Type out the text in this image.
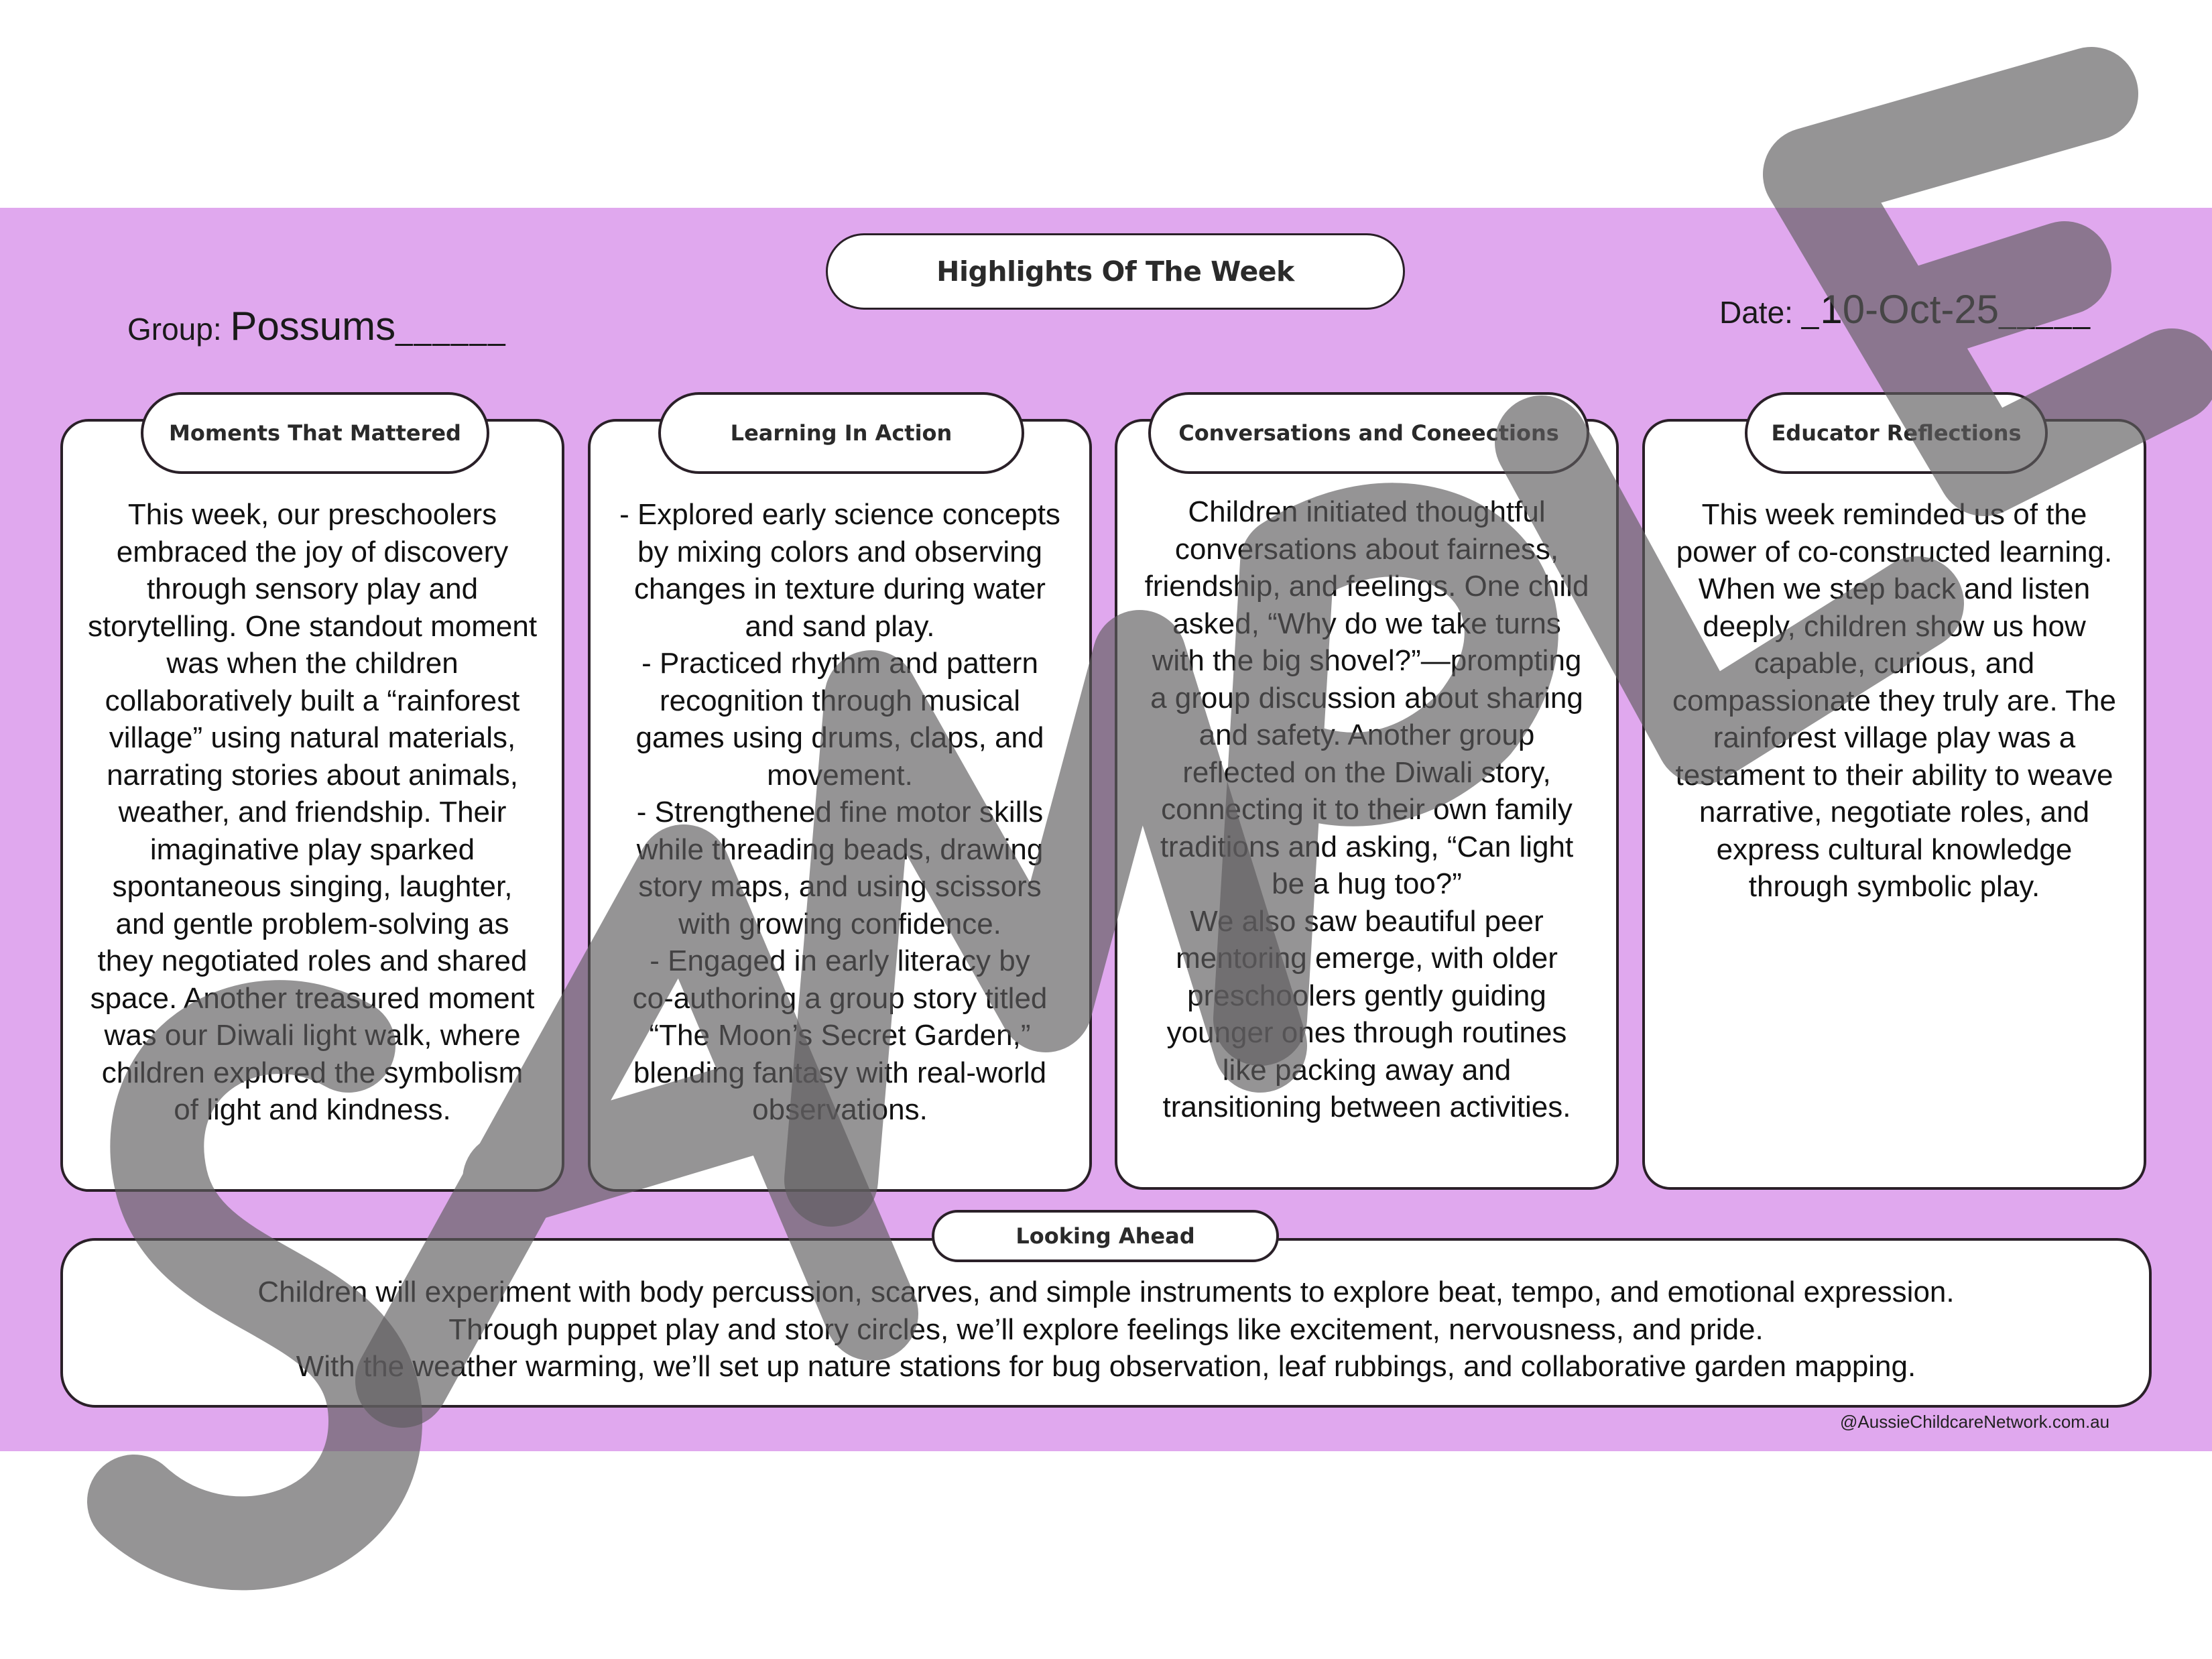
Highlights Of The Week
Group: Possums______	Date: _10-Oct-25_____
Moments That Mattered
This week, our preschoolers
embraced the joy of discovery
through sensory play and
storytelling. One standout moment
was when the children
collaboratively built a “rainforest
village” using natural materials,
narrating stories about animals,
weather, and friendship. Their
imaginative play sparked
spontaneous singing, laughter,
and gentle problem-solving as
they negotiated roles and shared
space. Another treasured moment
was our Diwali light walk, where
children explored the symbolism
of light and kindness.
Learning In Action
- Explored early science concepts
by mixing colors and observing
changes in texture during water
and sand play.
- Practiced rhythm and pattern
recognition through musical
games using drums, claps, and
movement.
- Strengthened fine motor skills
while threading beads, drawing
story maps, and using scissors
with growing confidence.
- Engaged in early literacy by
co-authoring a group story titled
“The Moon’s Secret Garden,”
blending fantasy with real-world
observations.
Conversations and Coneections
Children initiated thoughtful
conversations about fairness,
friendship, and feelings. One child
asked, “Why do we take turns
with the big shovel?”—prompting
a group discussion about sharing
and safety. Another group
reflected on the Diwali story,
connecting it to their own family
traditions and asking, “Can light
be a hug too?”
We also saw beautiful peer
mentoring emerge, with older
preschoolers gently guiding
younger ones through routines
like packing away and
transitioning between activities.
Educator Reflections
This week reminded us of the
power of co-constructed learning.
When we step back and listen
deeply, children show us how
capable, curious, and
compassionate they truly are. The
rainforest village play was a
testament to their ability to weave
narrative, negotiate roles, and
express cultural knowledge
through symbolic play.
Looking Ahead
Children will experiment with body percussion, scarves, and simple instruments to explore beat, tempo, and emotional expression.
Through puppet play and story circles, we’ll explore feelings like excitement, nervousness, and pride.
With the weather warming, we’ll set up nature stations for bug observation, leaf rubbings, and collaborative garden mapping.
@AussieChildcareNetwork.com.au
